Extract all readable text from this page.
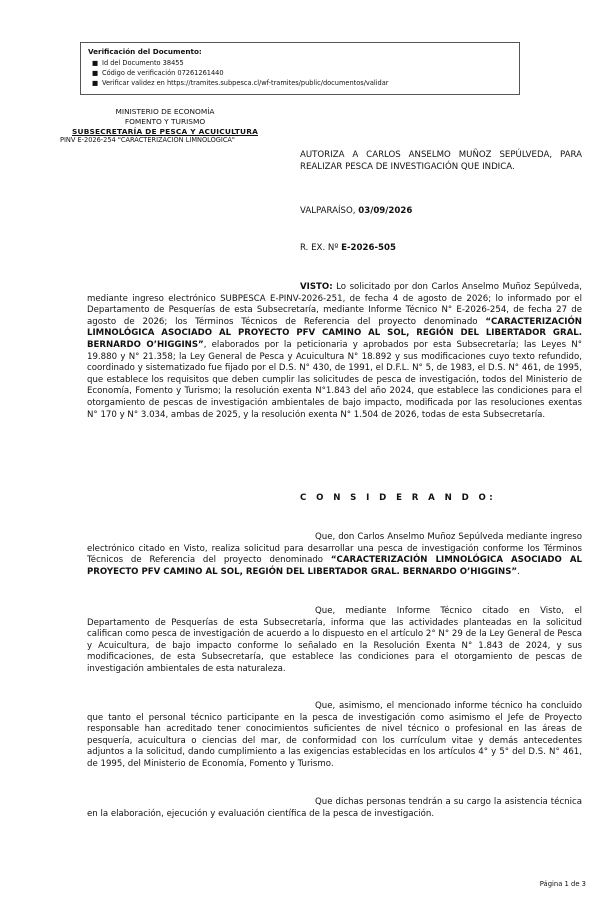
Verificación del Documento:
■ Id del Documento 38455
■ Código de verificación 07261261440
■ Verificar validez en https://tramites.subpesca.cl/wf-tramites/public/documentos/validar
MINISTERIO DE ECONOMÍA
FOMENTO Y TURISMO
SUBSECRETARÍA DE PESCA Y ACUICULTURA
PINV E-2026-254 "CARACTERIZACIÓN LIMNOLÓGICA"
AUTORIZA A CARLOS ANSELMO MUÑOZ SEPÚLVEDA, PARA REALIZAR PESCA DE INVESTIGACIÓN QUE INDICA.
VALPARAÍSO, 03/09/2026
R. EX. Nº E-2026-505
VISTO: Lo solicitado por don Carlos Anselmo Muñoz Sepúlveda, mediante ingreso electrónico SUBPESCA E-PINV-2026-251, de fecha 4 de agosto de 2026; lo informado por el Departamento de Pesquerías de esta Subsecretaría, mediante Informe Técnico N° E-2026-254, de fecha 27 de agosto de 2026; los Términos Técnicos de Referencia del proyecto denominado “CARACTERIZACIÓN LIMNOLÓGICA ASOCIADO AL PROYECTO PFV CAMINO AL SOL, REGIÓN DEL LIBERTADOR GRAL. BERNARDO O’HIGGINS”, elaborados por la peticionaria y aprobados por esta Subsecretaría; las Leyes N° 19.880 y N° 21.358; la Ley General de Pesca y Acuicultura N° 18.892 y sus modificaciones cuyo texto refundido, coordinado y sistematizado fue fijado por el D.S. N° 430, de 1991, el D.F.L. N° 5, de 1983, el D.S. N° 461, de 1995, que establece los requisitos que deben cumplir las solicitudes de pesca de investigación, todos del Ministerio de Economía, Fomento y Turismo; la resolución exenta N°1.843 del año 2024, que establece las condiciones para el otorgamiento de pescas de investigación ambientales de bajo impacto, modificada por las resoluciones exentas N° 170 y N° 3.034, ambas de 2025, y la resolución exenta N° 1.504 de 2026, todas de esta Subsecretaría.
C O N S I D E R A N D O:
Que, don Carlos Anselmo Muñoz Sepúlveda mediante ingreso electrónico citado en Visto, realiza solicitud para desarrollar una pesca de investigación conforme los Términos Técnicos de Referencia del proyecto denominado “CARACTERIZACIÓN LIMNOLÓGICA ASOCIADO AL PROYECTO PFV CAMINO AL SOL, REGIÓN DEL LIBERTADOR GRAL. BERNARDO O’HIGGINS”.
Que, mediante Informe Técnico citado en Visto, el Departamento de Pesquerías de esta Subsecretaría, informa que las actividades planteadas en la solicitud califican como pesca de investigación de acuerdo a lo dispuesto en el artículo 2° N° 29 de la Ley General de Pesca y Acuicultura, de bajo impacto conforme lo señalado en la Resolución Exenta N° 1.843 de 2024, y sus modificaciones, de esta Subsecretaría, que establece las condiciones para el otorgamiento de pescas de investigación ambientales de esta naturaleza.
Que, asimismo, el mencionado informe técnico ha concluido que tanto el personal técnico participante en la pesca de investigación como asimismo el Jefe de Proyecto responsable han acreditado tener conocimientos suficientes de nivel técnico o profesional en las áreas de pesquería, acuicultura o ciencias del mar, de conformidad con los currículum vitae y demás antecedentes adjuntos a la solicitud, dando cumplimiento a las exigencias establecidas en los artículos 4° y 5° del D.S. N° 461, de 1995, del Ministerio de Economía, Fomento y Turismo.
Que dichas personas tendrán a su cargo la asistencia técnica en la elaboración, ejecución y evaluación científica de la pesca de investigación.
Página 1 de 3
